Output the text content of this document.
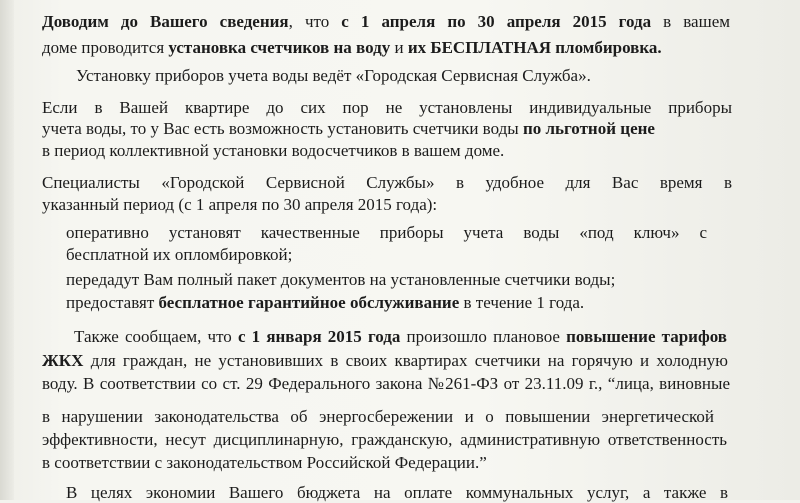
Доводим до Вашего сведения, что с 1 апреля по 30 апреля 2015 года в вашем
доме проводится установка счетчиков на воду и их БЕСПЛАТНАЯ пломбировка.
Установку приборов учета воды ведёт «Городская Сервисная Служба».
Если в Вашей квартире до сих пор не установлены индивидуальные приборы
учета воды, то у Вас есть возможность установить счетчики воды по льготной цене
в период коллективной установки водосчетчиков в вашем доме.
Специалисты «Городской Сервисной Службы» в удобное для Вас время в
указанный период (с 1 апреля по 30 апреля 2015 года):
оперативно установят качественные приборы учета воды «под ключ» с
бесплатной их опломбировкой;
передадут Вам полный пакет документов на установленные счетчики воды;
предоставят бесплатное гарантийное обслуживание в течение 1 года.
Также сообщаем, что с 1 января 2015 года произошло плановое повышение тарифов
ЖКХ для граждан, не установивших в своих квартирах счетчики на горячую и холодную
воду. В соответствии со ст. 29 Федерального закона №261-ФЗ от 23.11.09 г., “лица, виновные
в нарушении законодательства об энергосбережении и о повышении энергетической
эффективности, несут дисциплинарную, гражданскую, административную ответственность
в соответствии с законодательством Российской Федерации.”
В целях экономии Вашего бюджета на оплате коммунальных услуг, а также в
